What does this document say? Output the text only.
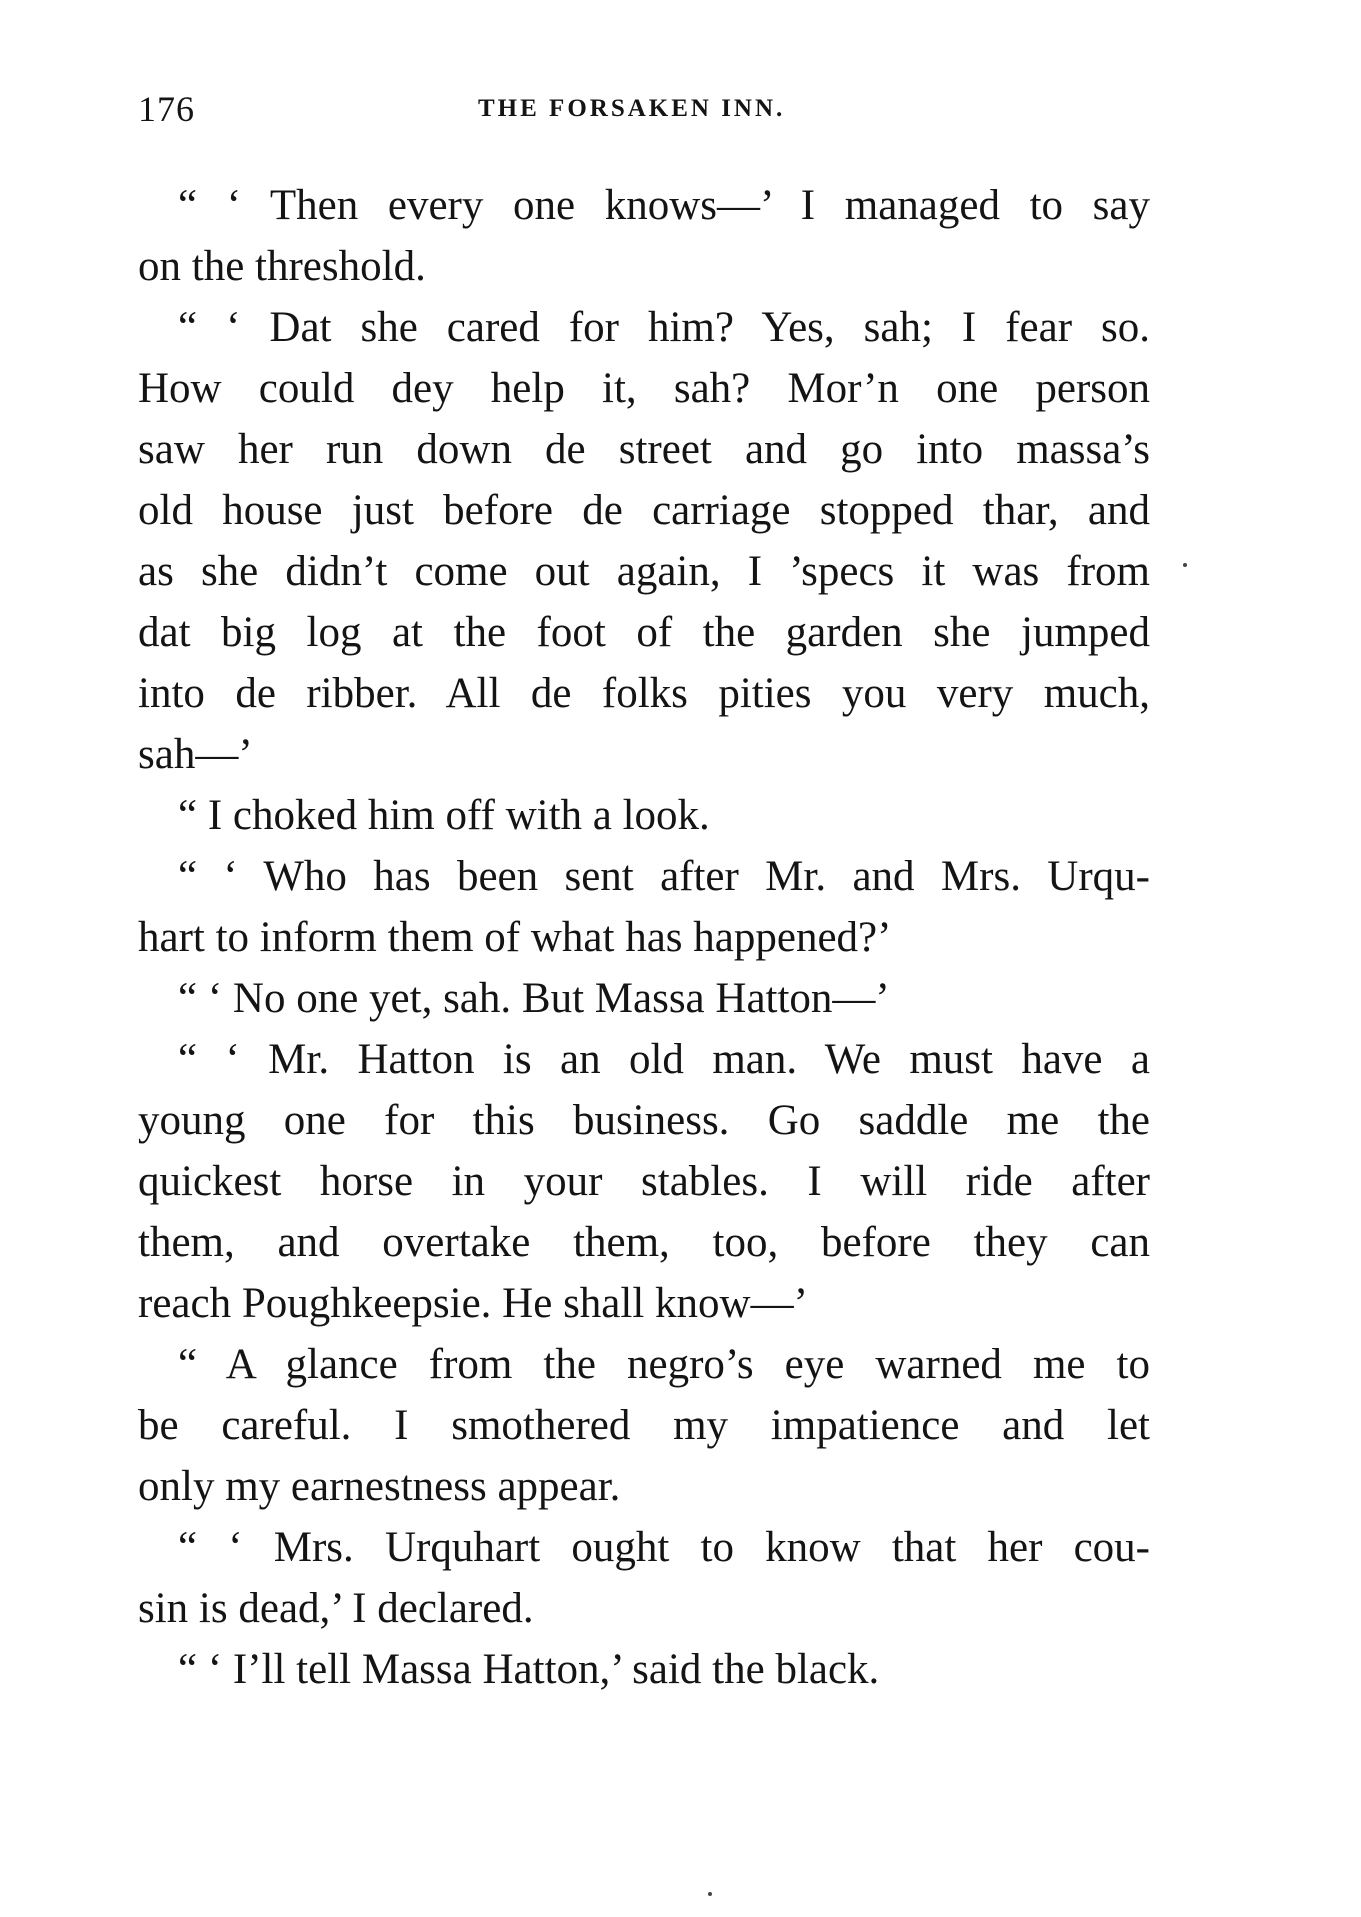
176	THE FORSAKEN INN.
“ ‘ Then every one knows—’ I managed to say
on the threshold.
“ ‘ Dat she cared for him? Yes, sah; I fear so.
How could dey help it, sah? Mor’n one person
saw her run down de street and go into massa’s
old house just before de carriage stopped thar, and
as she didn’t come out again, I ’specs it was from
dat big log at the foot of the garden she jumped
into de ribber. All de folks pities you very much,
sah—’
“ I choked him off with a look.
“ ‘ Who has been sent after Mr. and Mrs. Urqu-
hart to inform them of what has happened?’
“ ‘ No one yet, sah. But Massa Hatton—’
“ ‘ Mr. Hatton is an old man. We must have a
young one for this business. Go saddle me the
quickest horse in your stables. I will ride after
them, and overtake them, too, before they can
reach Poughkeepsie. He shall know—’
“ A glance from the negro’s eye warned me to
be careful. I smothered my impatience and let
only my earnestness appear.
“ ‘ Mrs. Urquhart ought to know that her cou-
sin is dead,’ I declared.
“ ‘ I’ll tell Massa Hatton,’ said the black.
